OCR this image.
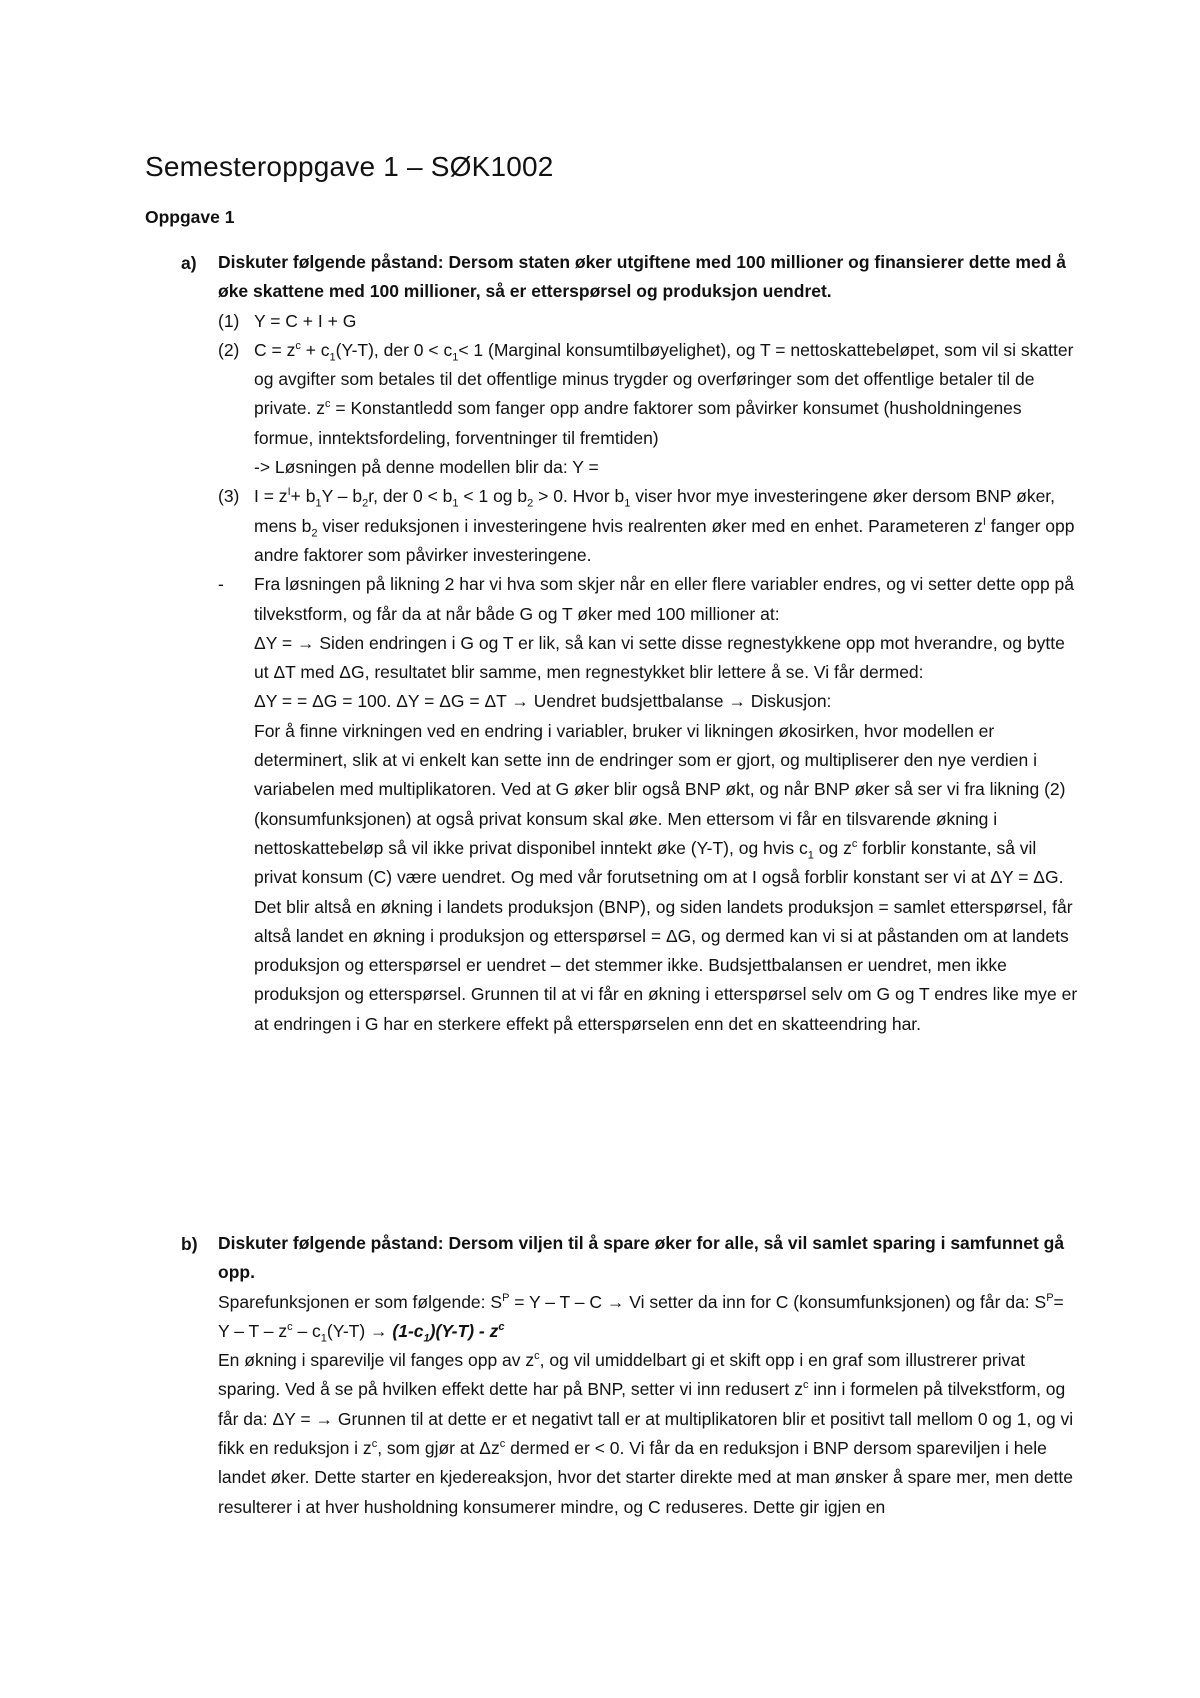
Semesteroppgave 1 – SØK1002
Oppgave 1
a) Diskuter følgende påstand: Dersom staten øker utgiftene med 100 millioner og finansierer dette med å øke skattene med 100 millioner, så er etterspørsel og produksjon uendret.
(1) Y = C + I + G
(2) $C = z^c + c_1(Y-T)$, der $0 < c_1< 1$ (Marginal konsumtilbøyelighet), og T = nettoskattebeløpet, som vil si skatter og avgifter som betales til det offentlige minus trygder og overføringer som det offentlige betaler til de private. $z^c$ = Konstantledd som fanger opp andre faktorer som påvirker konsumet (husholdningenes formue, inntektsfordeling, forventninger til fremtiden)
-> Løsningen på denne modellen blir da: Y =
(3) $I = z^I+ b_1Y - b_2r$, der $0 < b_1 < 1$ og $b_2 > 0$. Hvor $b_1$ viser hvor mye investeringene øker dersom BNP øker, mens $b_2$ viser reduksjonen i investeringene hvis realrenten øker med en enhet. Parameteren $z^I$ fanger opp andre faktorer som påvirker investeringene.
-	Fra løsningen på likning 2 har vi hva som skjer når en eller flere variabler endres, og vi setter dette opp på tilvekstform, og får da at når både G og T øker med 100 millioner at:
ΔY = → Siden endringen i G og T er lik, så kan vi sette disse regnestykkene opp mot hverandre, og bytte ut ΔT med ΔG, resultatet blir samme, men regnestykket blir lettere å se. Vi får dermed:
ΔY = = ΔG = 100. ΔY = ΔG = ΔT → Uendret budsjettbalanse → Diskusjon:
For å finne virkningen ved en endring i variabler, bruker vi likningen økosirken, hvor modellen er determinert, slik at vi enkelt kan sette inn de endringer som er gjort, og multipliserer den nye verdien i variabelen med multiplikatoren. Ved at G øker blir også BNP økt, og når BNP øker så ser vi fra likning (2) (konsumfunksjonen) at også privat konsum skal øke. Men ettersom vi får en tilsvarende økning i nettoskattebeløp så vil ikke privat disponibel inntekt øke (Y-T), og hvis $c_1$ og $z^c$ forblir konstante, så vil privat konsum (C) være uendret. Og med vår forutsetning om at I også forblir konstant ser vi at ΔY = ΔG. Det blir altså en økning i landets produksjon (BNP), og siden landets produksjon = samlet etterspørsel, får altså landet en økning i produksjon og etterspørsel = ΔG, og dermed kan vi si at påstanden om at landets produksjon og etterspørsel er uendret – det stemmer ikke. Budsjettbalansen er uendret, men ikke produksjon og etterspørsel. Grunnen til at vi får en økning i etterspørsel selv om G og T endres like mye er at endringen i G har en sterkere effekt på etterspørselen enn det en skatteendring har.
b) Diskuter følgende påstand: Dersom viljen til å spare øker for alle, så vil samlet sparing i samfunnet gå opp.
Sparefunksjonen er som følgende: $S^P = Y - T - C \to Vi$ setter da inn for C (konsumfunksjonen) og får da: $S^P= Y - T - z^c - c_1(Y-T) \to (1-c_1)(Y-T) - z^c$
En økning i sparevilje vil fanges opp av $z^c$, og vil umiddelbart gi et skift opp i en graf som illustrerer privat sparing. Ved å se på hvilken effekt dette har på BNP, setter vi inn redusert $z^c$ inn i formelen på tilvekstform, og får da: ΔY = → Grunnen til at dette er et negativt tall er at multiplikatoren blir et positivt tall mellom 0 og 1, og vi fikk en reduksjon i $z^c$, som gjør at $\Delta z^c$ dermed er < 0. Vi får da en reduksjon i BNP dersom spareviljen i hele landet øker. Dette starter en kjedereaksjon, hvor det starter direkte med at man ønsker å spare mer, men dette resulterer i at hver husholdning konsumerer mindre, og C reduseres. Dette gir igjen en
